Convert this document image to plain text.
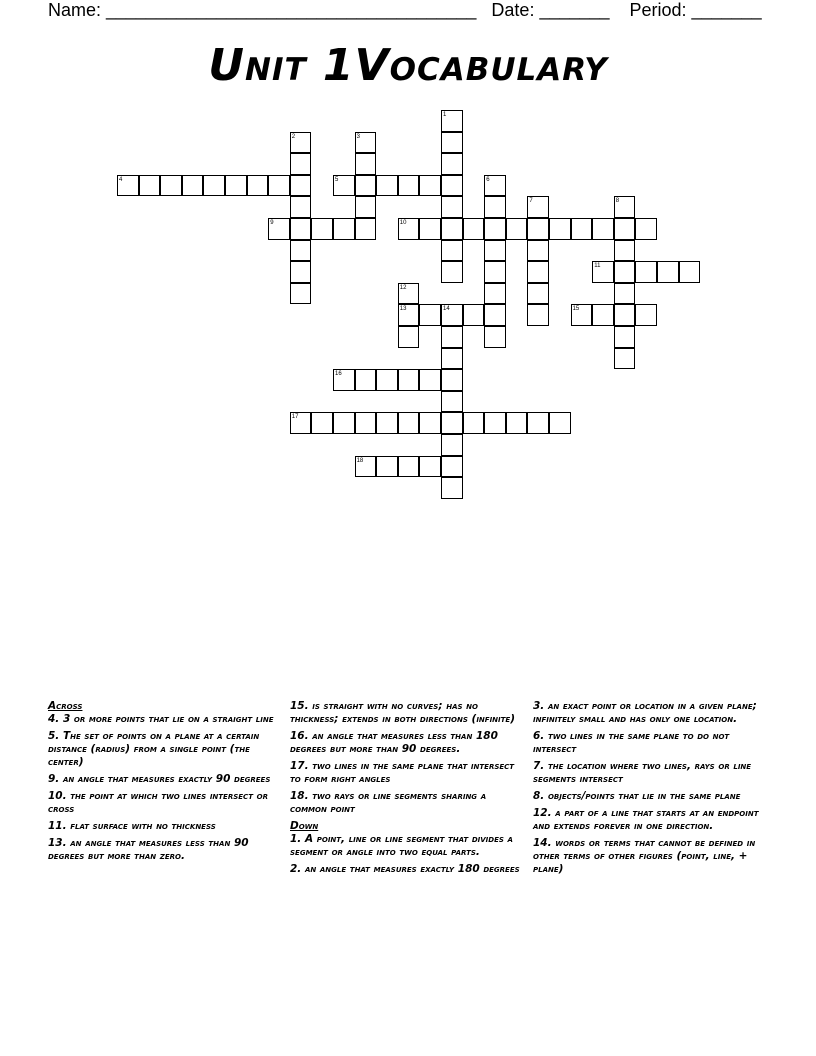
Name: _____________________________________   Date: _______    Period: _______
Unit 1Vocabulary
4	5
9	10
11
13	14	15
16
17
18
1
2	3
6
7	8
12
Across
4. 3 or more points that lie on a straight line
5. The set of points on a plane at a certain distance (radius) from a single point (the center)
9. an angle that measures exactly 90 degrees
10. the point at which two lines intersect or cross
11. flat surface with no thickness
13. an angle that measures less than 90 degrees but more than zero.
15. is straight with no curves; has no thickness; extends in both directions (infinite)
16. an angle that measures less than 180 degrees but more than 90 degrees.
17. two lines in the same plane that intersect to form right angles
18. two rays or line segments sharing a common point
Down
1. A point, line or line segment that divides a segment or angle into two equal parts.
2. an angle that measures exactly 180 degrees
3. an exact point or location in a given plane; infinitely small and has only one location.
6. two lines in the same plane to do not intersect
7. the location where two lines, rays or line segments intersect
8. objects/points that lie in the same plane
12. a part of a line that starts at an endpoint and extends forever in one direction.
14. words or terms that cannot be defined in other terms of other figures (point, line, + plane)
